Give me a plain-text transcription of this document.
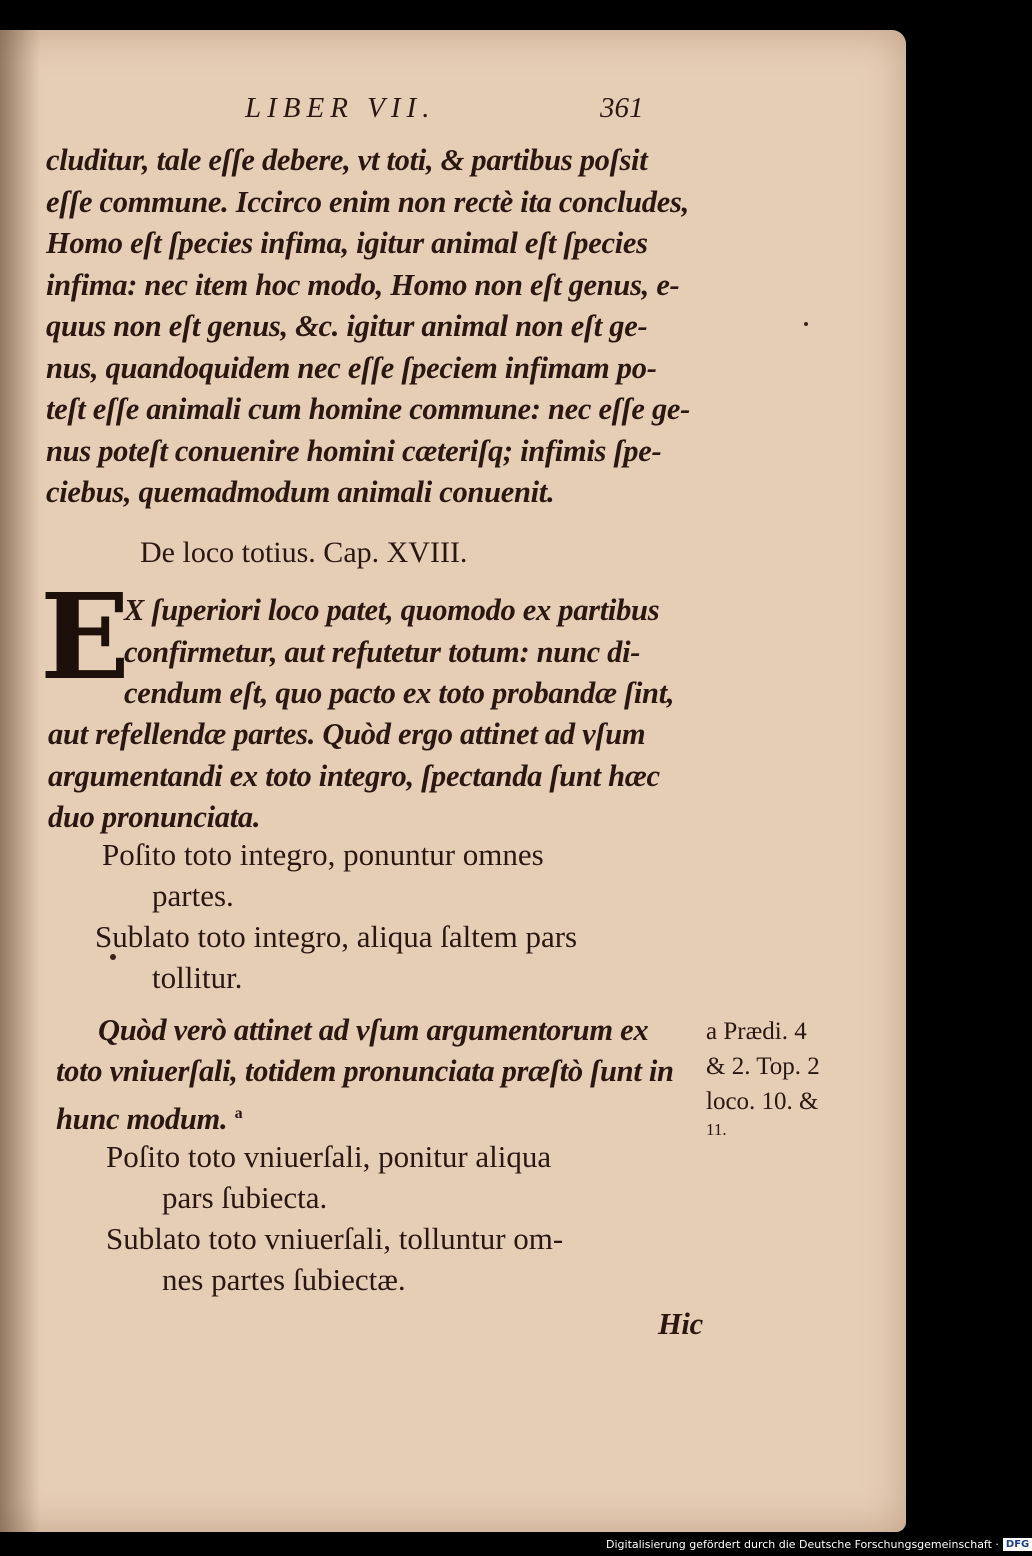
LIBER VII.	361
cluditur, tale eſſe debere, vt toti, & partibus poſsit
eſſe commune. Iccirco enim non rectè ita concludes,
Homo eſt ſpecies infima, igitur animal eſt ſpecies
infima: nec item hoc modo, Homo non eſt genus, e-
quus non eſt genus, &c. igitur animal non eſt ge-
nus, quandoquidem nec eſſe ſpeciem infimam po-
teſt eſſe animali cum homine commune: nec eſſe ge-
nus poteſt conuenire homini cæteriſq; infimis ſpe-
ciebus, quemadmodum animali conuenit.
De loco totius. Cap. XVIII.
E
X ſuperiori loco patet, quomodo ex partibus
confirmetur, aut refutetur totum: nunc di-
cendum eſt, quo pacto ex toto probandæ ſint,
aut refellendæ partes. Quòd ergo attinet ad vſum
argumentandi ex toto integro, ſpectanda ſunt hæc
duo pronunciata.
Poſito toto integro, ponuntur omnes
partes.
Sublato toto integro, aliqua ſaltem pars
tollitur.
Quòd verò attinet ad vſum argumentorum ex
toto vniuerſali, totidem pronunciata præſtò ſunt in
hunc modum. $^a$
a Prædi. 4
& 2. Top. 2
loco. 10. &
11.
Poſito toto vniuerſali, ponitur aliqua
pars ſubiecta.
Sublato toto vniuerſali, tolluntur om-
nes partes ſubiectæ.
Hic
Digitalisierung gefördert durch die Deutsche Forschungsgemeinschaft · DFG
